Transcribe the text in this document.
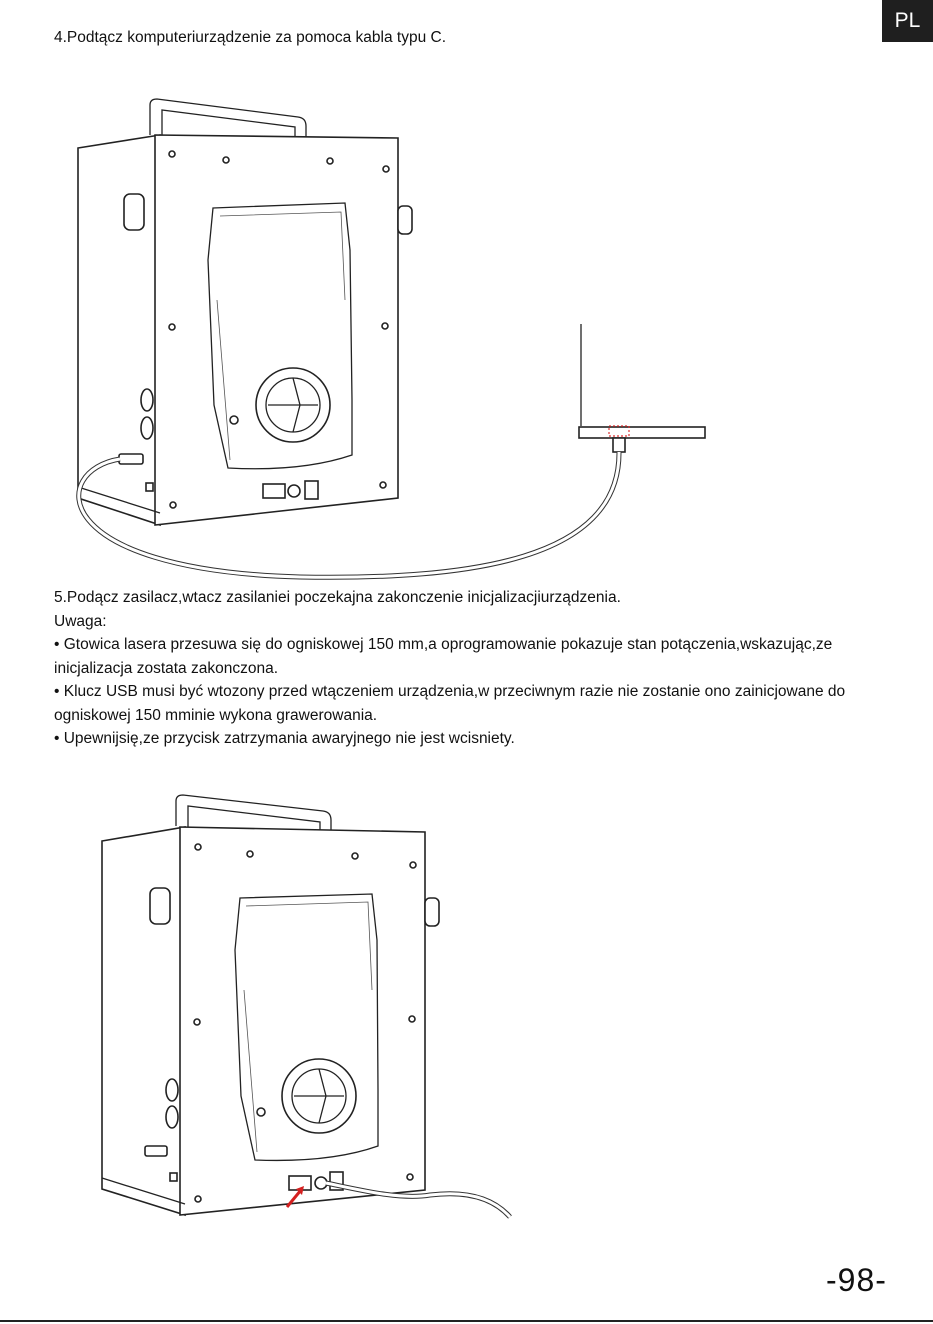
PL

4.Podtącz komputeriurządzenie za pomoca kabla typu C.

5.Podącz zasilacz,wtacz zasilaniei poczekajna zakonczenie inicjalizacjiurządzenia.

Uwaga:

• Gtowica lasera przesuwa się do ogniskowej 150 mm,a oprogramowanie pokazuje stan potączenia,wskazując,ze inicjalizacja zostata zakonczona.

• Klucz USB musi być wtozony przed wtączeniem urządzenia,w przeciwnym razie nie zostanie ono zainicjowane do ogniskowej 150 mminie wykona grawerowania.

• Upewnijsię,ze przycisk zatrzymania awaryjnego nie jest wcisniety.

-98-
